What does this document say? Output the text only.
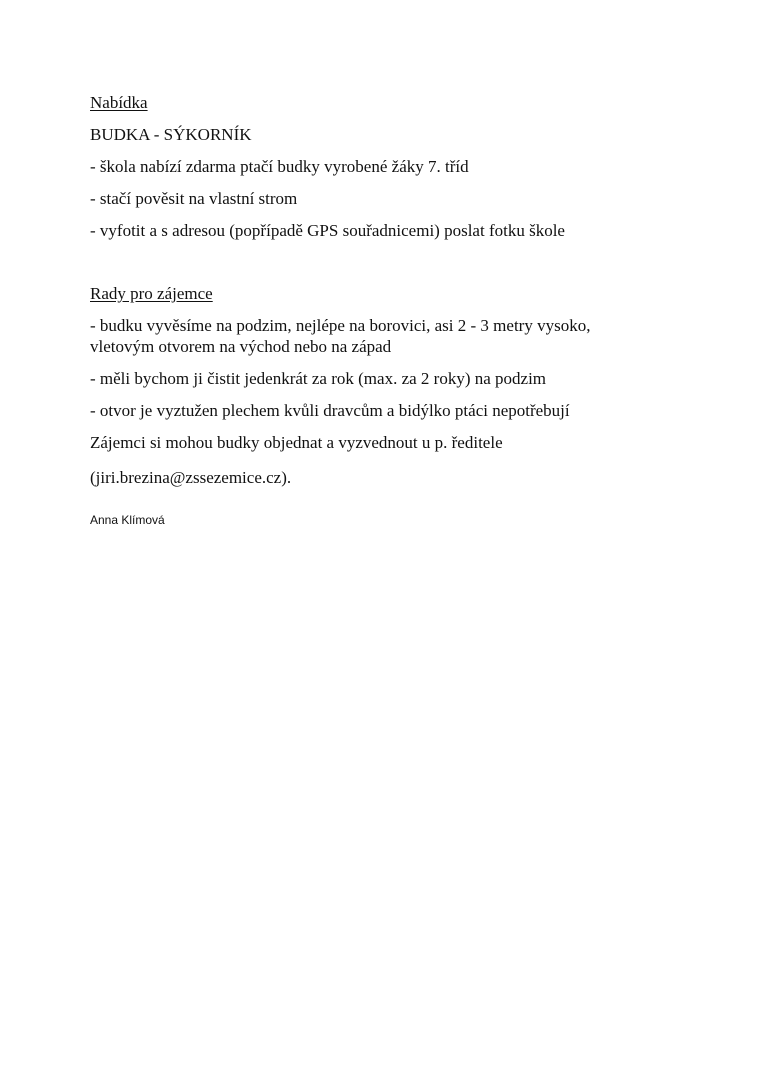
Nabídka
BUDKA - SÝKORNÍK
- škola nabízí zdarma ptačí budky vyrobené žáky 7. tříd
- stačí pověsit na vlastní strom
- vyfotit a s adresou (popřípadě GPS souřadnicemi) poslat fotku škole
Rady pro zájemce
- budku vyvěsíme na podzim, nejlépe na borovici, asi 2 - 3 metry vysoko,
vletovým otvorem na východ nebo na západ
- měli bychom ji čistit jedenkrát za rok (max. za 2 roky) na podzim
- otvor je vyztužen plechem kvůli dravcům a bidýlko ptáci nepotřebují
Zájemci si mohou budky objednat a vyzvednout u p. ředitele
(jiri.brezina@zssezemice.cz).
Anna Klímová
